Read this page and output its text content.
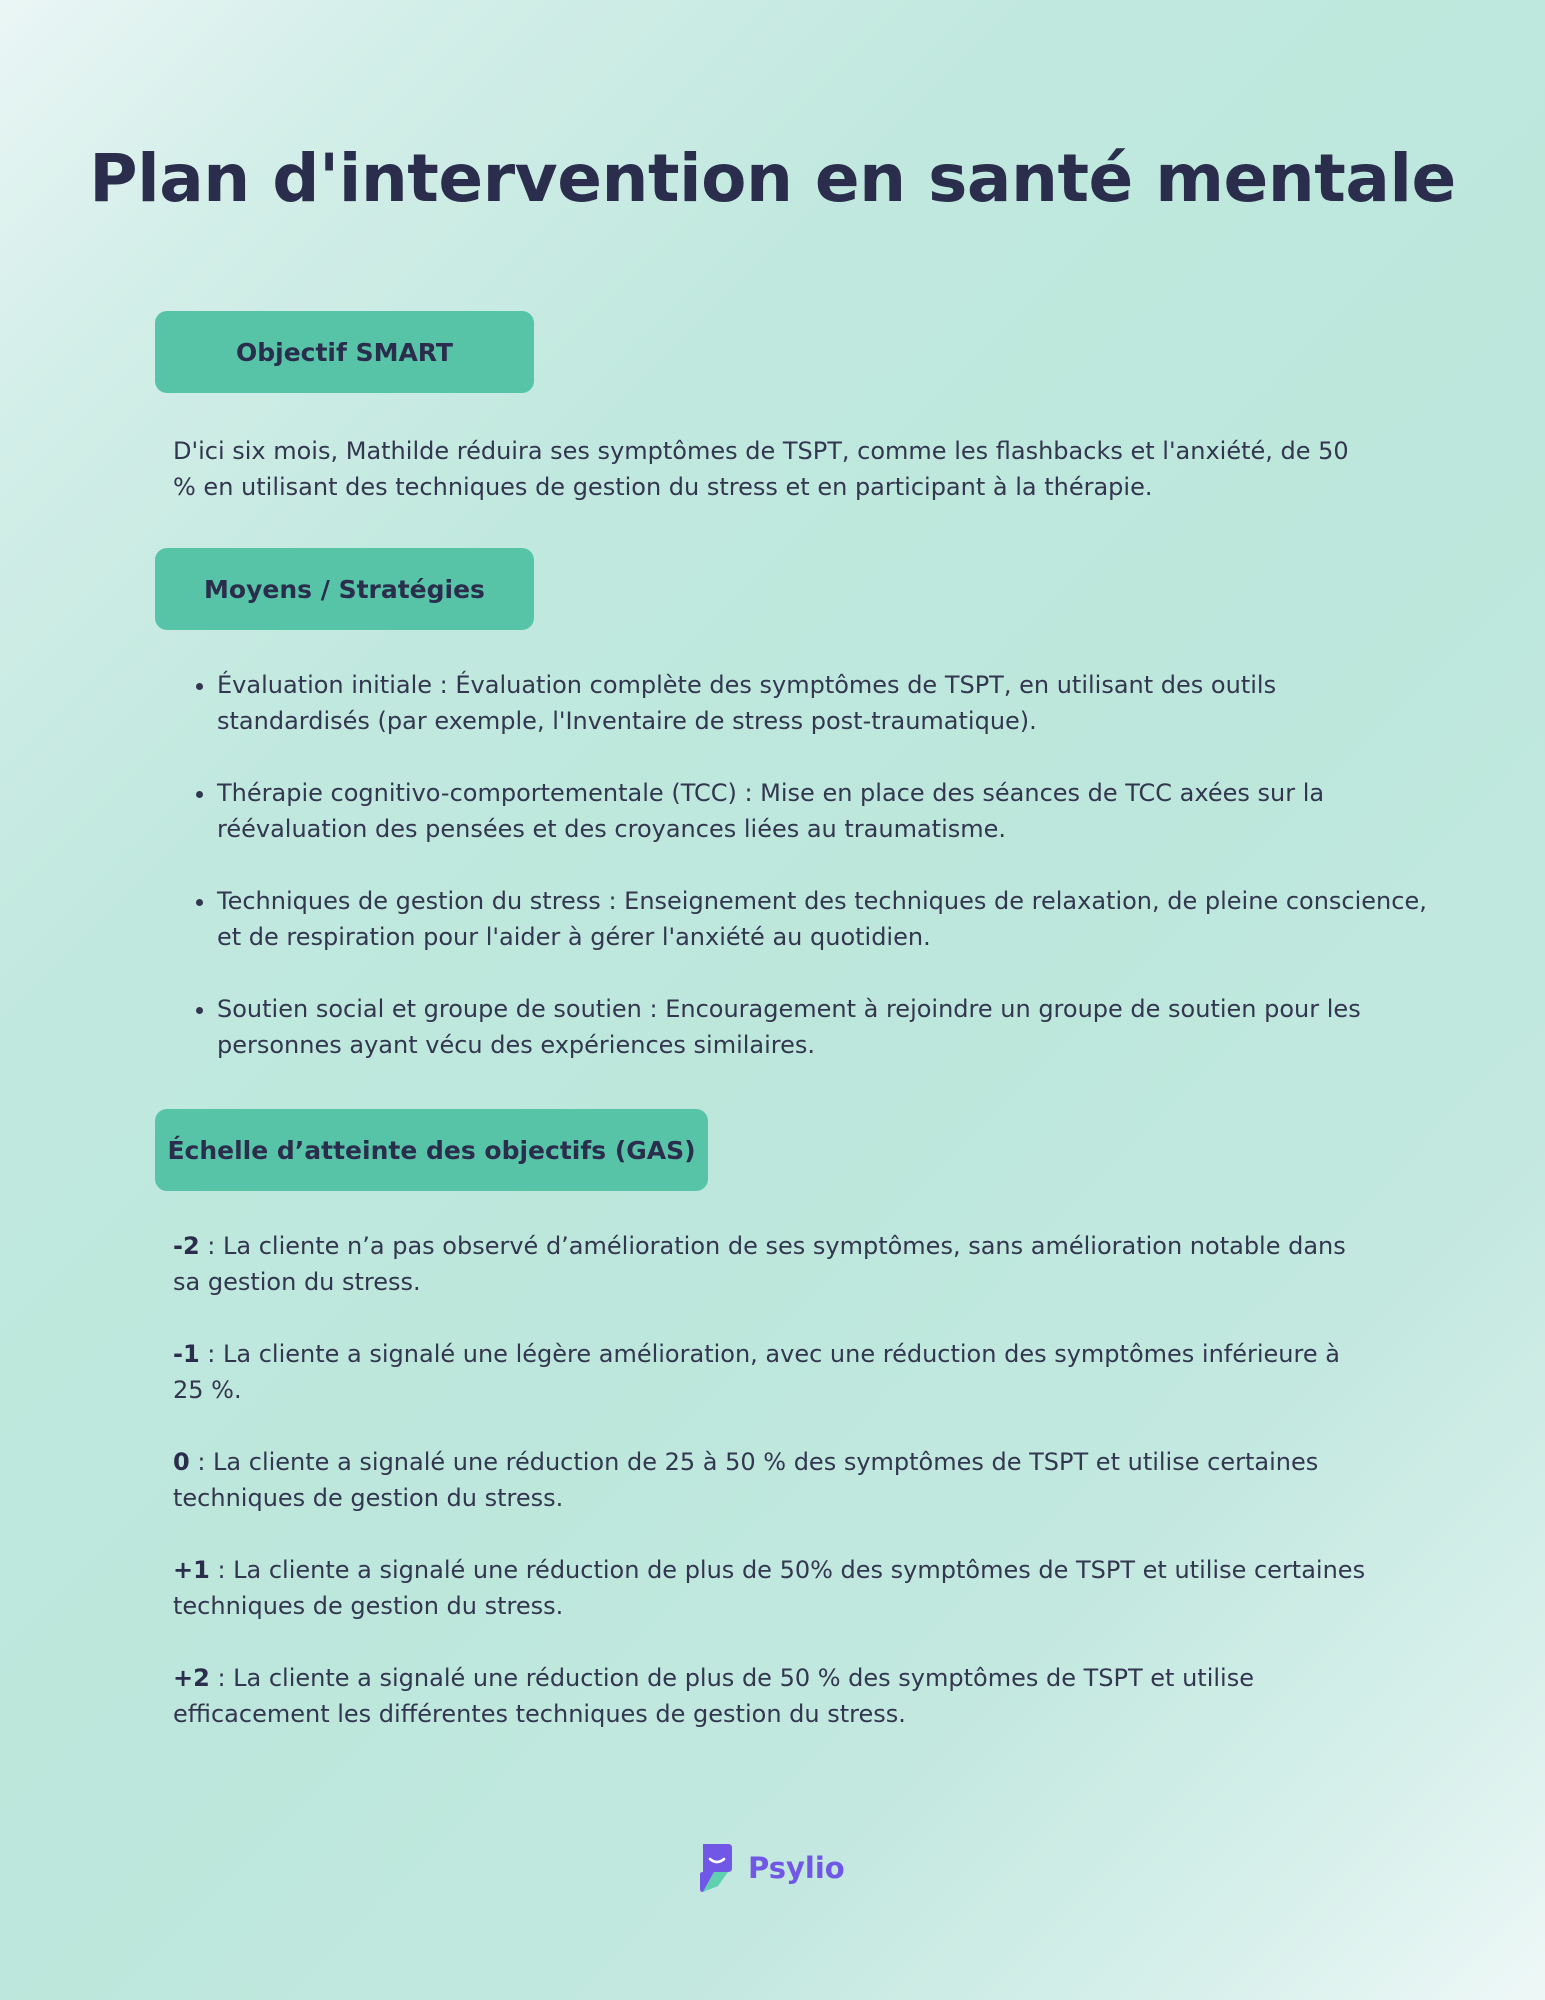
Plan d'intervention en santé mentale
Objectif SMART

D'ici six mois, Mathilde réduira ses symptômes de TSPT, comme les flashbacks et l'anxiété, de 50 % en utilisant des techniques de gestion du stress et en participant à la thérapie.

Moyens / Stratégies
• Évaluation initiale : Évaluation complète des symptômes de TSPT, en utilisant des outils standardisés (par exemple, l'Inventaire de stress post-traumatique).
• Thérapie cognitivo-comportementale (TCC) : Mise en place des séances de TCC axées sur la réévaluation des pensées et des croyances liées au traumatisme.
• Techniques de gestion du stress : Enseignement des techniques de relaxation, de pleine conscience, et de respiration pour l'aider à gérer l'anxiété au quotidien.
• Soutien social et groupe de soutien : Encouragement à rejoindre un groupe de soutien pour les personnes ayant vécu des expériences similaires.
Échelle d’atteinte des objectifs (GAS)

-2 : La cliente n’a pas observé d’amélioration de ses symptômes, sans amélioration notable dans sa gestion du stress.

-1 : La cliente a signalé une légère amélioration, avec une réduction des symptômes inférieure à 25 %.

0 : La cliente a signalé une réduction de 25 à 50 % des symptômes de TSPT et utilise certaines techniques de gestion du stress.

+1 : La cliente a signalé une réduction de plus de 50% des symptômes de TSPT et utilise certaines techniques de gestion du stress.

+2 : La cliente a signalé une réduction de plus de 50 % des symptômes de TSPT et utilise efficacement les différentes techniques de gestion du stress.

Psylio
